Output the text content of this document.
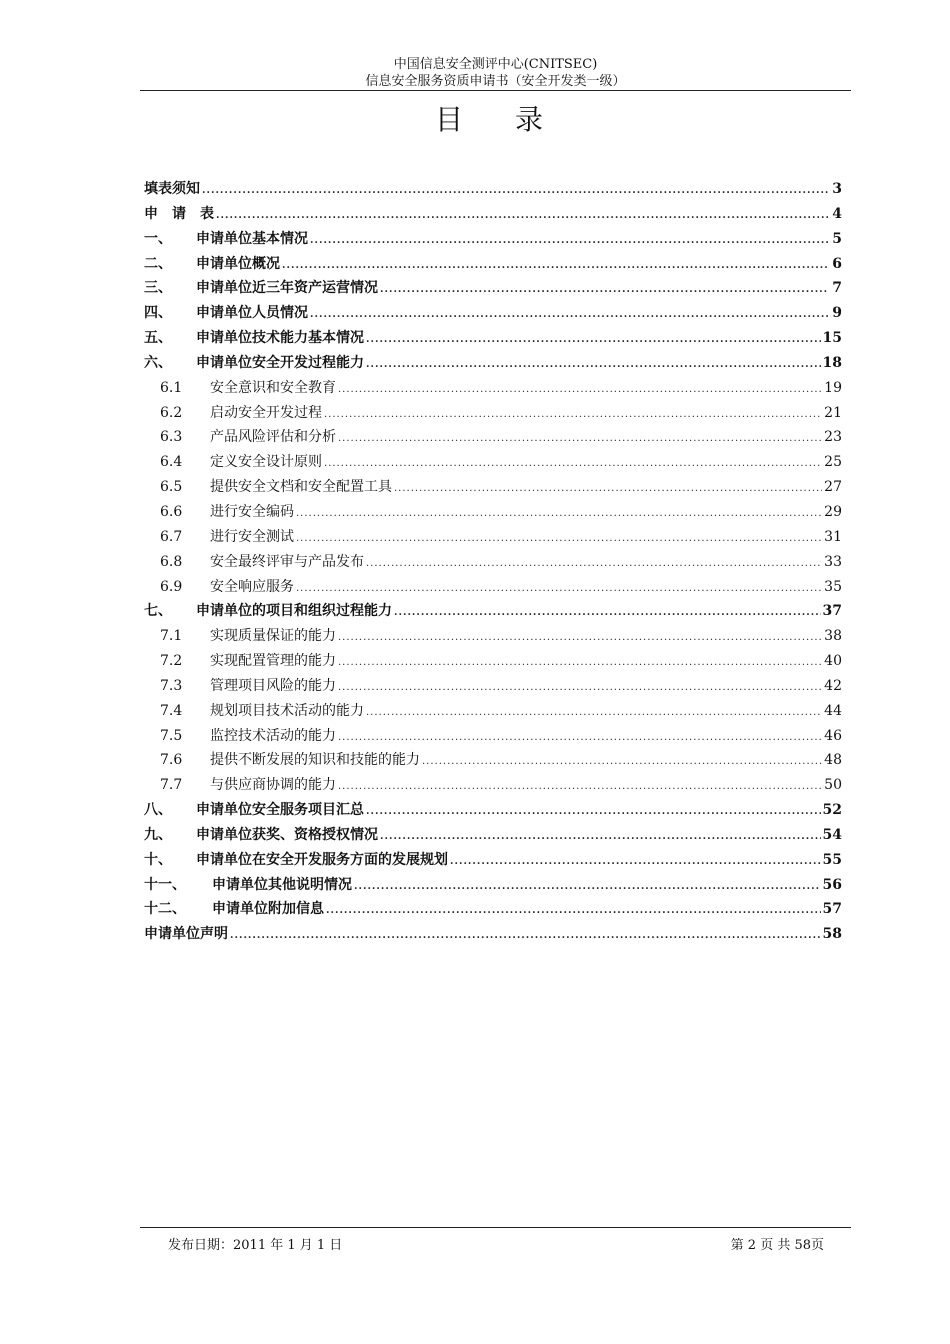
中国信息安全测评中心(CNITSEC)
信息安全服务资质申请书（安全开发类一级）
目录
填表须知 .....	3
申　请　表 .....	4
一、	申请单位基本情况 .....	5
二、	申请单位概况 .....	6
三、	申请单位近三年资产运营情况 .....	7
四、	申请单位人员情况 .....	9
五、	申请单位技术能力基本情况 .....	15
六、	申请单位安全开发过程能力 .....	18
6.1	安全意识和安全教育 .....	19
6.2	启动安全开发过程 .....	21
6.3	产品风险评估和分析 .....	23
6.4	定义安全设计原则 .....	25
6.5	提供安全文档和安全配置工具 .....	27
6.6	进行安全编码 .....	29
6.7	进行安全测试 .....	31
6.8	安全最终评审与产品发布 .....	33
6.9	安全响应服务 .....	35
七、	申请单位的项目和组织过程能力 .....	37
7.1	实现质量保证的能力 .....	38
7.2	实现配置管理的能力 .....	40
7.3	管理项目风险的能力 .....	42
7.4	规划项目技术活动的能力 .....	44
7.5	监控技术活动的能力 .....	46
7.6	提供不断发展的知识和技能的能力 .....	48
7.7	与供应商协调的能力 .....	50
八、	申请单位安全服务项目汇总 .....	52
九、	申请单位获奖、资格授权情况 .....	54
十、	申请单位在安全开发服务方面的发展规划 .....	55
十一、	申请单位其他说明情况 .....	56
十二、	申请单位附加信息 .....	57
申请单位声明 .....	58
发布日期：2011 年 1 月 1 日	第 2 页 共 58页
